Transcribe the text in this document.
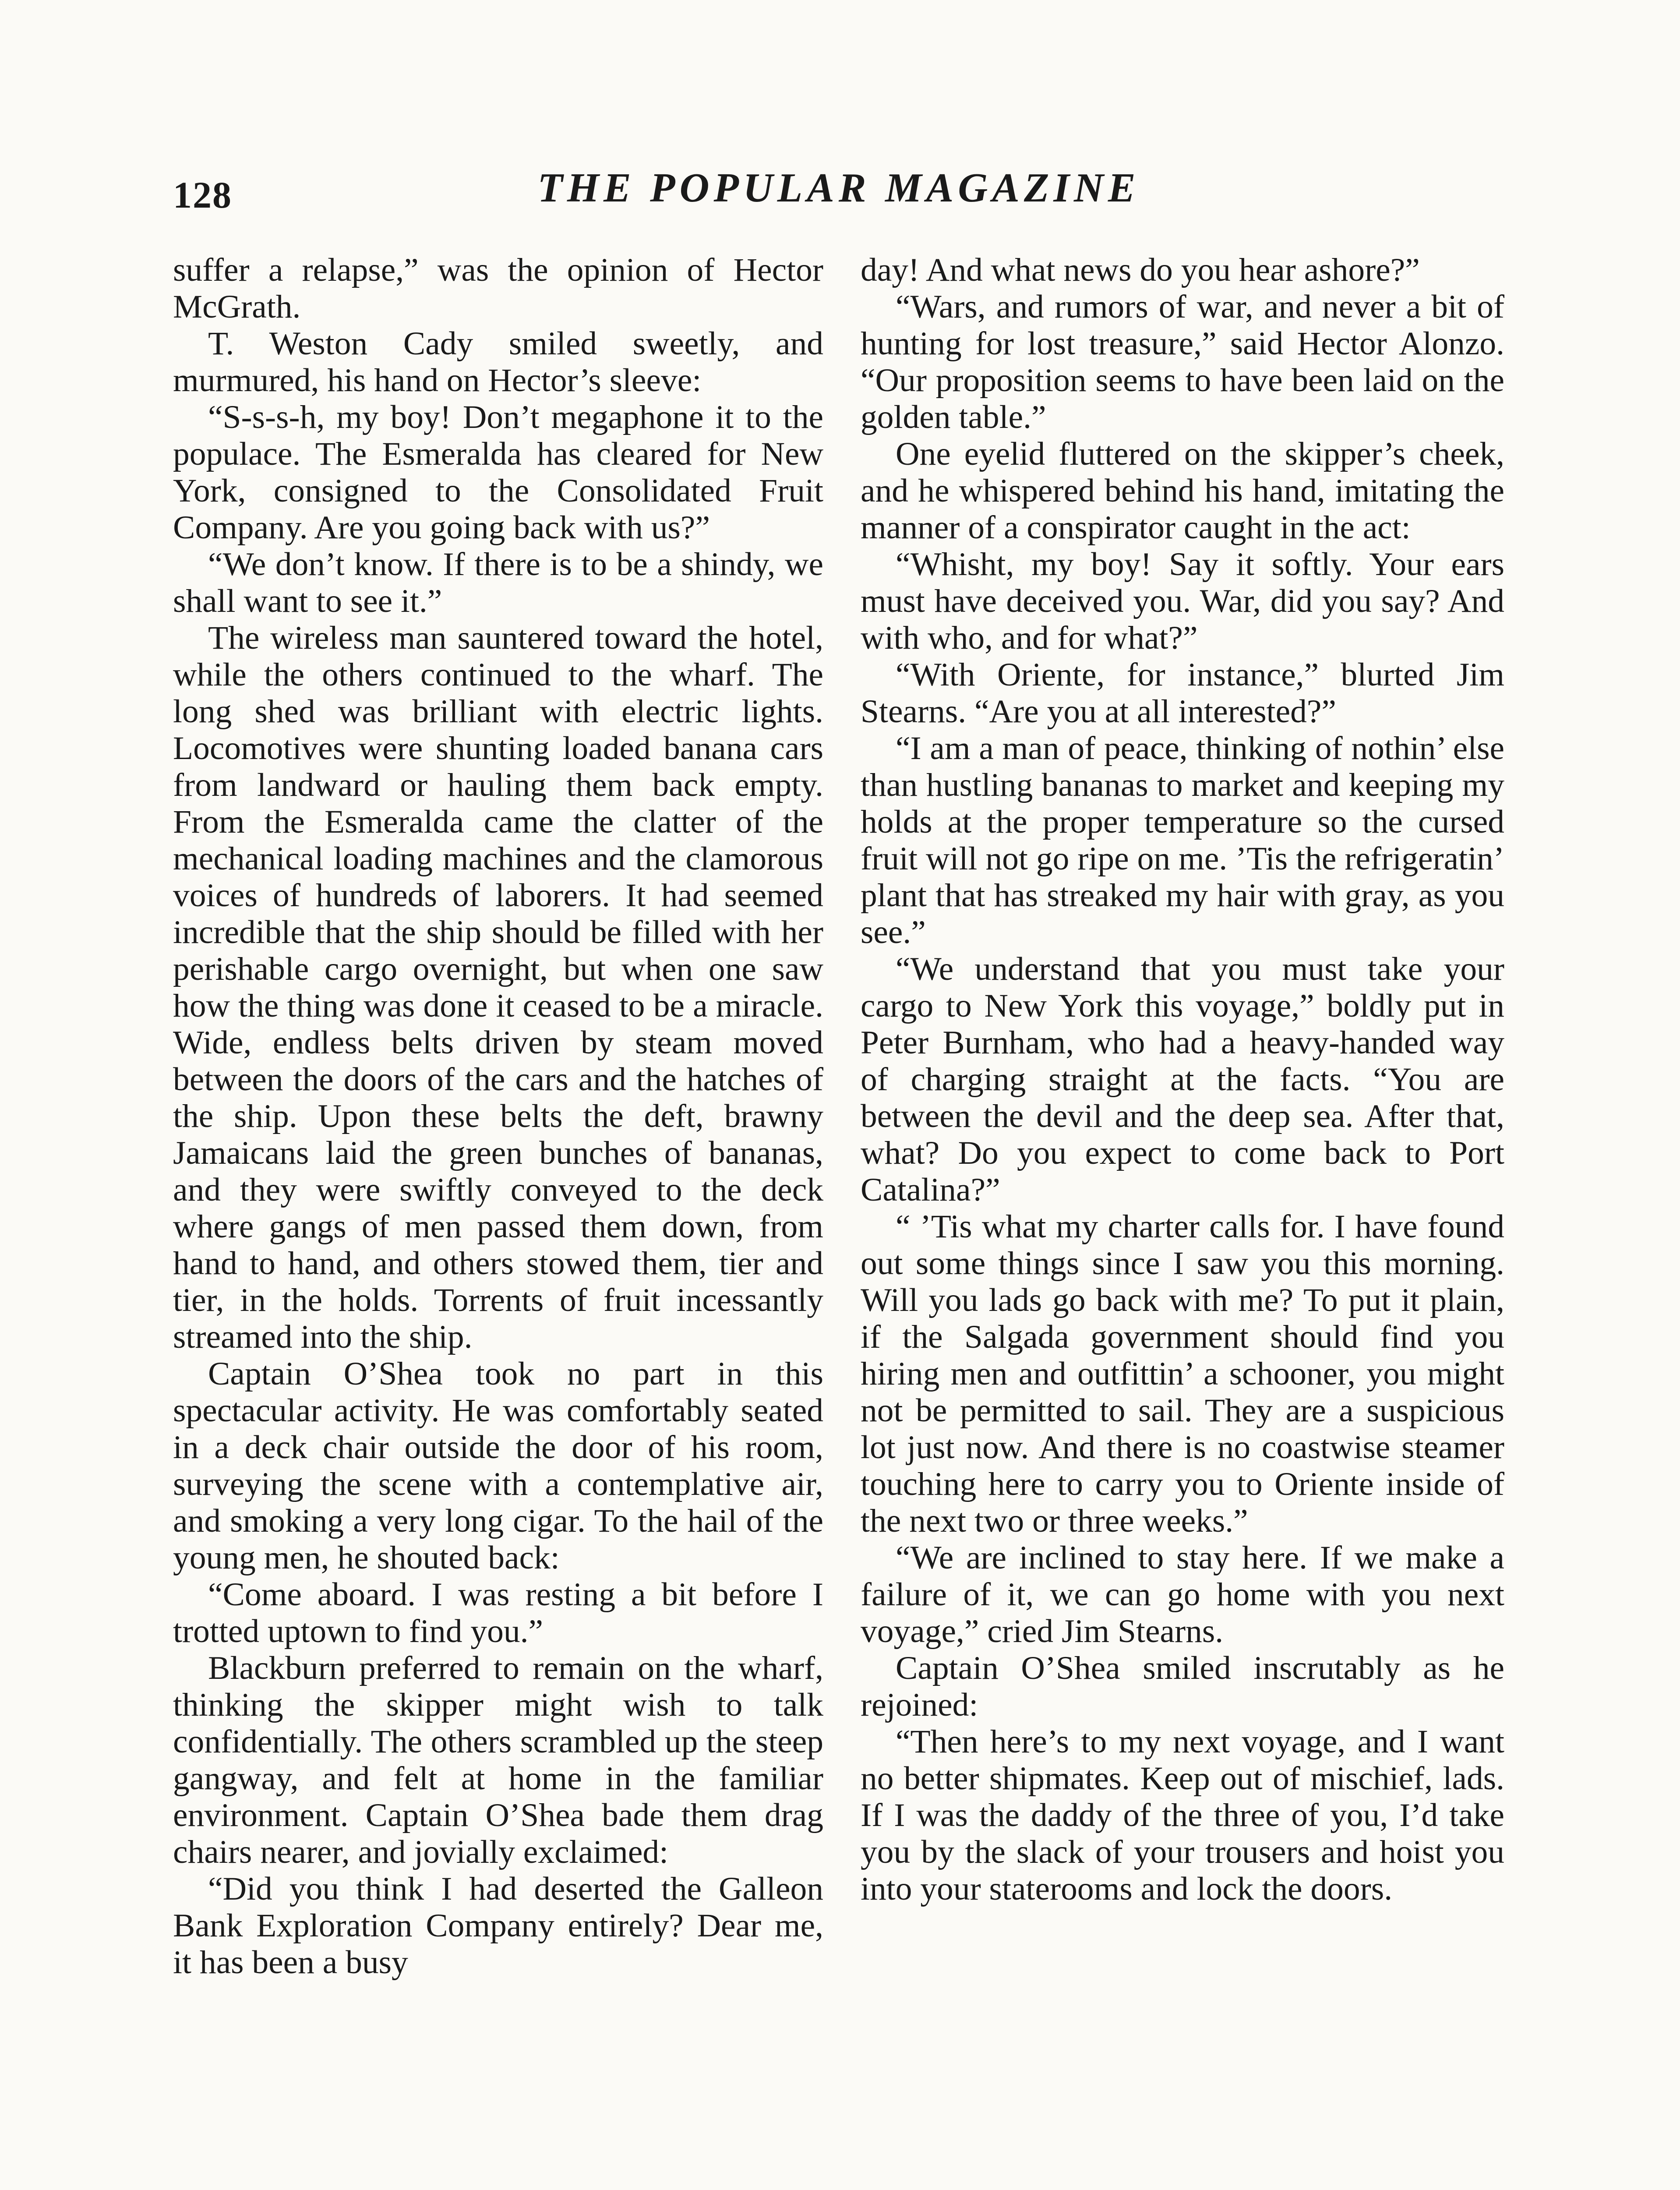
128	THE POPULAR MAGAZINE

suffer a relapse,” was the opinion of Hector McGrath.

T. Weston Cady smiled sweetly, and murmured, his hand on Hector’s sleeve:

“S-s-s-h, my boy! Don’t megaphone it to the populace. The Esmeralda has cleared for New York, consigned to the Consolidated Fruit Company. Are you going back with us?”

“We don’t know. If there is to be a shindy, we shall want to see it.”

The wireless man sauntered toward the hotel, while the others continued to the wharf. The long shed was brilliant with electric lights. Locomotives were shunting loaded banana cars from landward or hauling them back empty. From the Esmeralda came the clatter of the mechanical loading machines and the clamorous voices of hundreds of laborers. It had seemed incredible that the ship should be filled with her perishable cargo overnight, but when one saw how the thing was done it ceased to be a miracle. Wide, endless belts driven by steam moved between the doors of the cars and the hatches of the ship. Upon these belts the deft, brawny Jamaicans laid the green bunches of bananas, and they were swiftly conveyed to the deck where gangs of men passed them down, from hand to hand, and others stowed them, tier and tier, in the holds. Torrents of fruit incessantly streamed into the ship.

Captain O’Shea took no part in this spectacular activity. He was comfortably seated in a deck chair outside the door of his room, surveying the scene with a contemplative air, and smoking a very long cigar. To the hail of the young men, he shouted back:

“Come aboard. I was resting a bit before I trotted uptown to find you.”

Blackburn preferred to remain on the wharf, thinking the skipper might wish to talk confidentially. The others scrambled up the steep gangway, and felt at home in the familiar environment. Captain O’Shea bade them drag chairs nearer, and jovially exclaimed:

“Did you think I had deserted the Galleon Bank Exploration Company entirely? Dear me, it has been a busy

day! And what news do you hear ashore?”

“Wars, and rumors of war, and never a bit of hunting for lost treasure,” said Hector Alonzo. “Our proposition seems to have been laid on the golden table.”

One eyelid fluttered on the skipper’s cheek, and he whispered behind his hand, imitating the manner of a conspirator caught in the act:

“Whisht, my boy! Say it softly. Your ears must have deceived you. War, did you say? And with who, and for what?”

“With Oriente, for instance,” blurted Jim Stearns. “Are you at all interested?”

“I am a man of peace, thinking of nothin’ else than hustling bananas to market and keeping my holds at the proper temperature so the cursed fruit will not go ripe on me. ’Tis the refrigeratin’ plant that has streaked my hair with gray, as you see.”

“We understand that you must take your cargo to New York this voyage,” boldly put in Peter Burnham, who had a heavy-handed way of charging straight at the facts. “You are between the devil and the deep sea. After that, what? Do you expect to come back to Port Catalina?”

“ ’Tis what my charter calls for. I have found out some things since I saw you this morning. Will you lads go back with me? To put it plain, if the Salgada government should find you hiring men and outfittin’ a schooner, you might not be permitted to sail. They are a suspicious lot just now. And there is no coastwise steamer touching here to carry you to Oriente inside of the next two or three weeks.”

“We are inclined to stay here. If we make a failure of it, we can go home with you next voyage,” cried Jim Stearns.

Captain O’Shea smiled inscrutably as he rejoined:

“Then here’s to my next voyage, and I want no better shipmates. Keep out of mischief, lads. If I was the daddy of the three of you, I’d take you by the slack of your trousers and hoist you into your staterooms and lock the doors.
